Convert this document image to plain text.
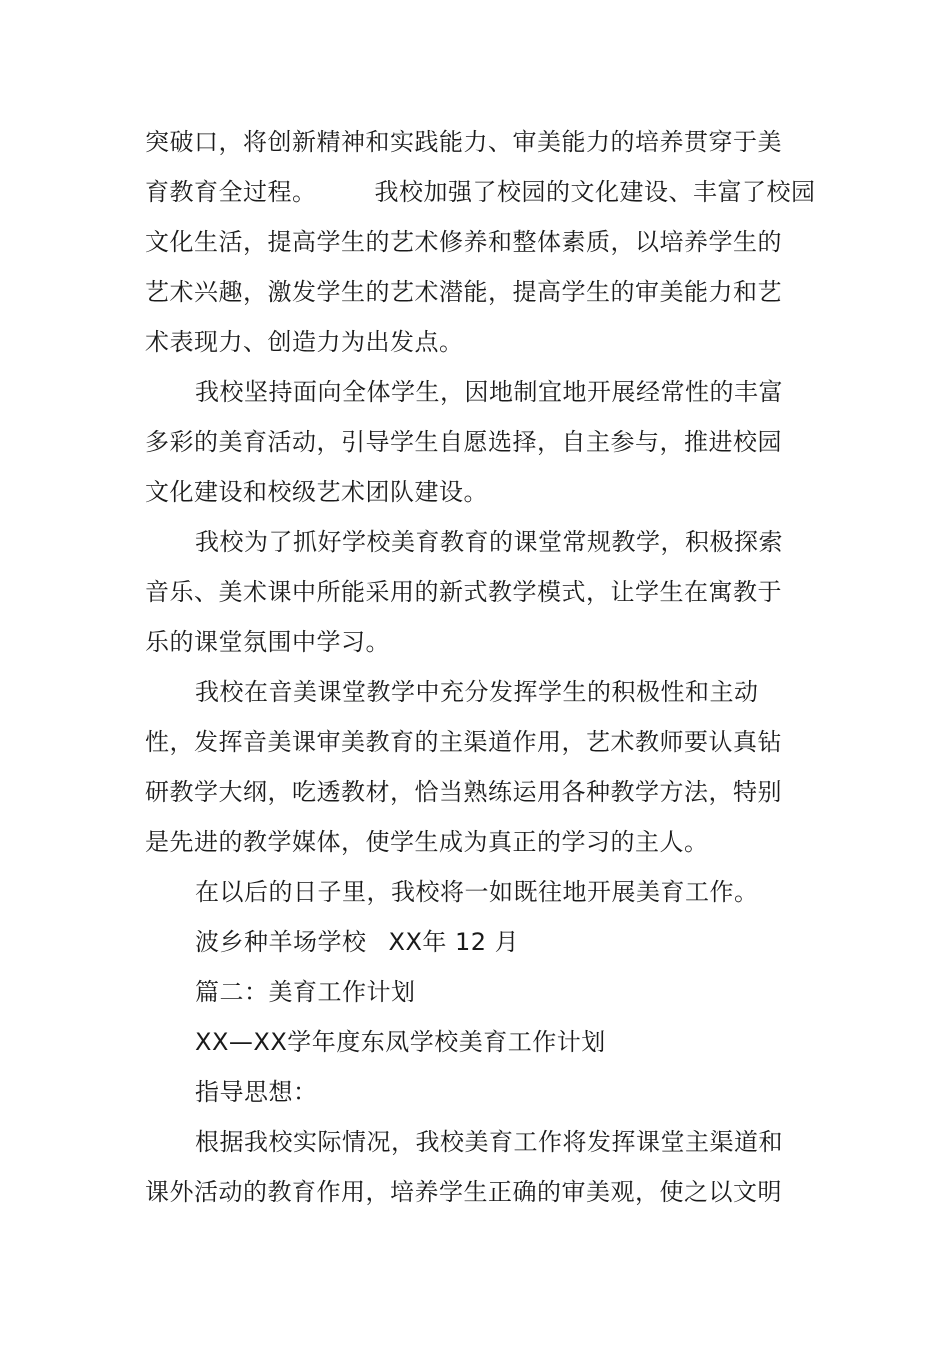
突破口，将创新精神和实践能力、审美能力的培养贯穿于美
育教育全过程。 我校加强了校园的文化建设、丰富了校园
文化生活，提高学生的艺术修养和整体素质，以培养学生的
艺术兴趣，激发学生的艺术潜能，提高学生的审美能力和艺
术表现力、创造力为出发点。
我校坚持面向全体学生，因地制宜地开展经常性的丰富
多彩的美育活动，引导学生自愿选择，自主参与，推进校园
文化建设和校级艺术团队建设。
我校为了抓好学校美育教育的课堂常规教学，积极探索
音乐、美术课中所能采用的新式教学模式，让学生在寓教于
乐的课堂氛围中学习。
我校在音美课堂教学中充分发挥学生的积极性和主动
性，发挥音美课审美教育的主渠道作用，艺术教师要认真钻
研教学大纲，吃透教材，恰当熟练运用各种教学方法，特别
是先进的教学媒体，使学生成为真正的学习的主人。
在以后的日子里，我校将一如既往地开展美育工作。
波乡种羊场学校 XX年 12 月
篇二：美育工作计划
XX—XX学年度东凤学校美育工作计划
指导思想：
根据我校实际情况，我校美育工作将发挥课堂主渠道和
课外活动的教育作用，培养学生正确的审美观，使之以文明
